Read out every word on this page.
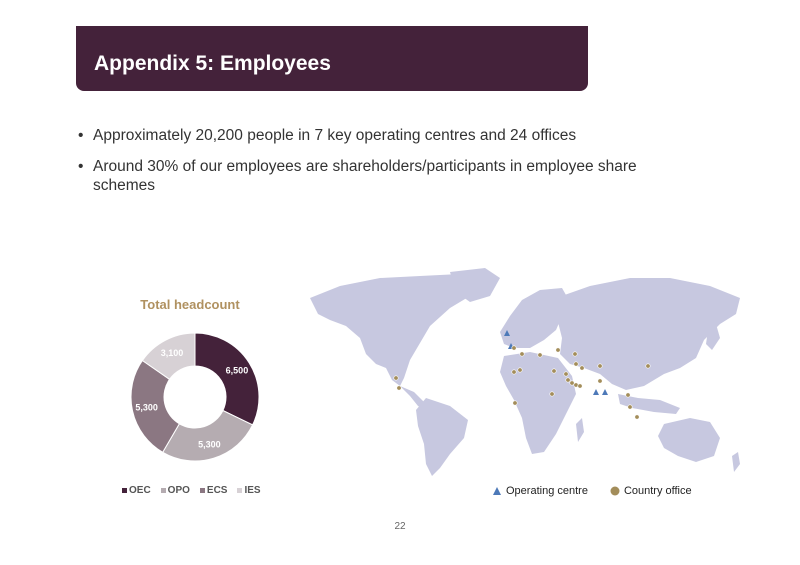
Appendix 5: Employees
• Approximately 20,200 people in 7 key operating centres and 24 offices
• Around 30% of our employees are shareholders/participants in employee share schemes
Total headcount
6,500
5,300
5,300
3,100
OEC OPO ECS IES	Operating centre	Country office
22
